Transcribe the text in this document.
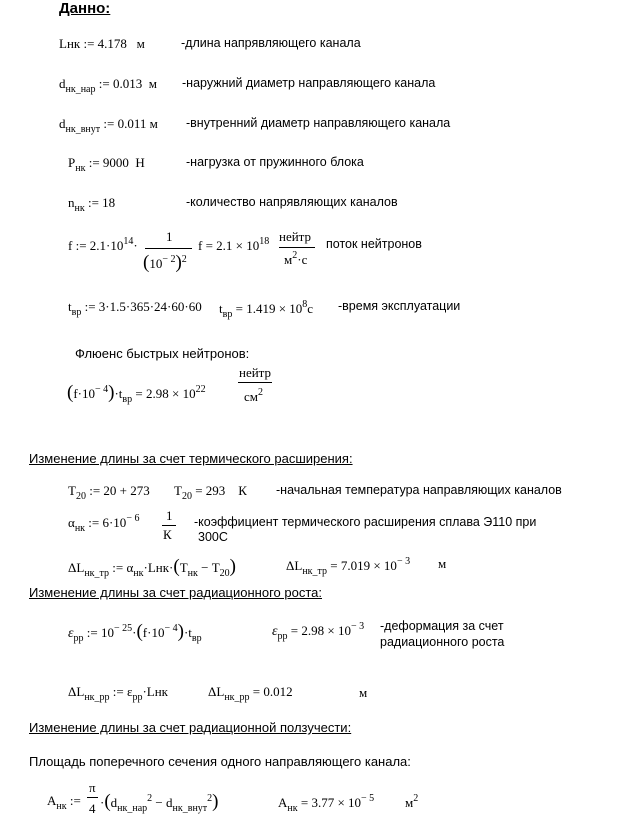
Данно:
Lнк := 4.178 м	-длина напрявляющего канала
$d_{нк\_нар}$ := 0.013 м -наружний диаметр направляющего канала
$d_{нк\_внут}$ := 0.011 м -внутренний диаметр направляющего канала
$P_{нк}$ := 9000 Н	-нагрузка от пружинного блока
$n_{нк}$ := 18	-количество напрявляющих каналов
f := $2.1\cdot 10^{14}\cdot$
1
$(10^{- 2})^2$
$f = 2.1 \times 10^{18}$ нейтр
$м^2\cdot с$
поток нейтронов
$t_{вр}$ := 3·1.5·365·24·60·60 $t_{вр} = 1.419 \times 10^8с$ -время эксплуатации
Флюенс быстрых нейтронов:
$(f\cdot 10^{- 4})\cdot t_{вр} = 2.98 \times 10^{22}$
нейтр
$см^2$
Изменение длины за счет термического расширения:
$T_{20}$ := 20 + 273 $T_{20} = 293$ К -начальная температура направляющих каналов
$\alpha_{нк}$ := $6\cdot 10^{- 6}$ 1
К
-коэффициент термического расширения сплава Э110 при
300С
$\Delta L_{нк\_тр}$ := $\alpha_{нк}\cdot Lнк\cdot(T_{нк} - T_{20})$	$\Delta L_{нк\_тр} = 7.019 \times 10^{- 3}$ м
Изменение длины за счет радиационного роста:
$\varepsilon_{рр}$ := $10^{- 25}\cdot(f\cdot 10^{- 4})\cdot t_{вр}$	$\varepsilon_{рр} = 2.98 \times 10^{- 3}$ -деформация за счет
радиационного роста
$\Delta L_{нк\_рр}$ := $\varepsilon_{рр}\cdot Lнк$	$\Delta L_{нк\_рр} = 0.012$	м
Изменение длины за счет радиационной ползучести:
Площадь поперечного сечения одного направляющего канала:
$A_{нк}$ :=
π
$4 \cdot(d_{нк\_нар}^2 - d_{нк\_внут}^2)$	$A_{нк} = 3.77 \times 10^{- 5}$ $м^2$
